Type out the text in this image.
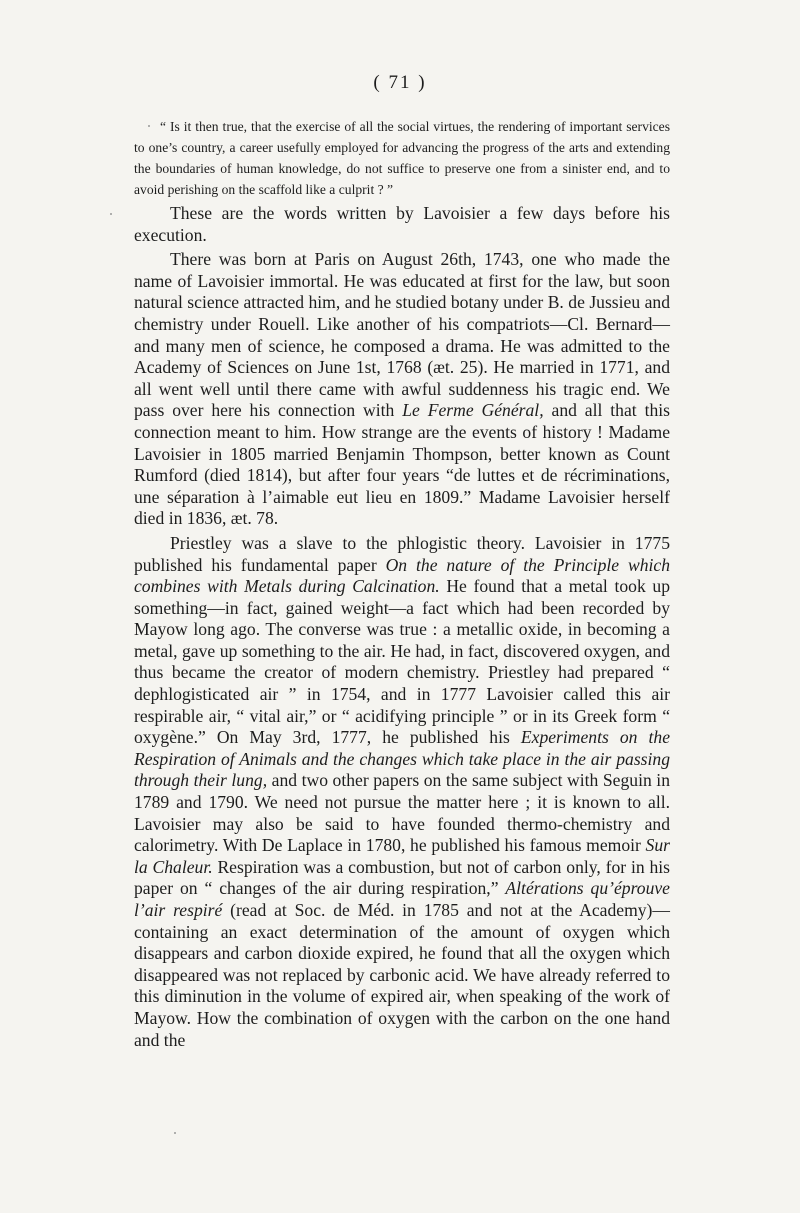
( 71 )
“ Is it then true, that the exercise of all the social virtues, the rendering of important services to one’s country, a career usefully employed for advancing the progress of the arts and extending the boundaries of human knowledge, do not suffice to preserve one from a sinister end, and to avoid perishing on the scaffold like a culprit ? ”

These are the words written by Lavoisier a few days before his execution.

There was born at Paris on August 26th, 1743, one who made the name of Lavoisier immortal. He was educated at first for the law, but soon natural science attracted him, and he studied botany under B. de Jussieu and chemistry under Rouell. Like another of his compatriots—Cl. Bernard—and many men of science, he composed a drama. He was admitted to the Academy of Sciences on June 1st, 1768 (æt. 25). He married in 1771, and all went well until there came with awful suddenness his tragic end. We pass over here his connection with Le Ferme Général, and all that this connection meant to him. How strange are the events of history ! Madame Lavoisier in 1805 married Benjamin Thompson, better known as Count Rumford (died 1814), but after four years “de luttes et de récriminations, une séparation à l’aimable eut lieu en 1809.” Madame Lavoisier herself died in 1836, æt. 78.

Priestley was a slave to the phlogistic theory. Lavoisier in 1775 published his fundamental paper On the nature of the Principle which combines with Metals during Calcination. He found that a metal took up something—in fact, gained weight—a fact which had been recorded by Mayow long ago. The converse was true : a metallic oxide, in becoming a metal, gave up something to the air. He had, in fact, discovered oxygen, and thus became the creator of modern chemistry. Priestley had prepared “ dephlogisticated air ” in 1754, and in 1777 Lavoisier called this air respirable air, “ vital air,” or “ acidifying principle ” or in its Greek form “ oxygène.” On May 3rd, 1777, he published his Experiments on the Respiration of Animals and the changes which take place in the air passing through their lung, and two other papers on the same subject with Seguin in 1789 and 1790. We need not pursue the matter here ; it is known to all. Lavoisier may also be said to have founded thermo-chemistry and calorimetry. With De Laplace in 1780, he published his famous memoir Sur la Chaleur. Respiration was a combustion, but not of carbon only, for in his paper on “ changes of the air during respiration,” Altérations qu’éprouve l’air respiré (read at Soc. de Méd. in 1785 and not at the Academy)—containing an exact determination of the amount of oxygen which disappears and carbon dioxide expired, he found that all the oxygen which disappeared was not replaced by carbonic acid. We have already referred to this diminution in the volume of expired air, when speaking of the work of Mayow. How the combination of oxygen with the carbon on the one hand and the
